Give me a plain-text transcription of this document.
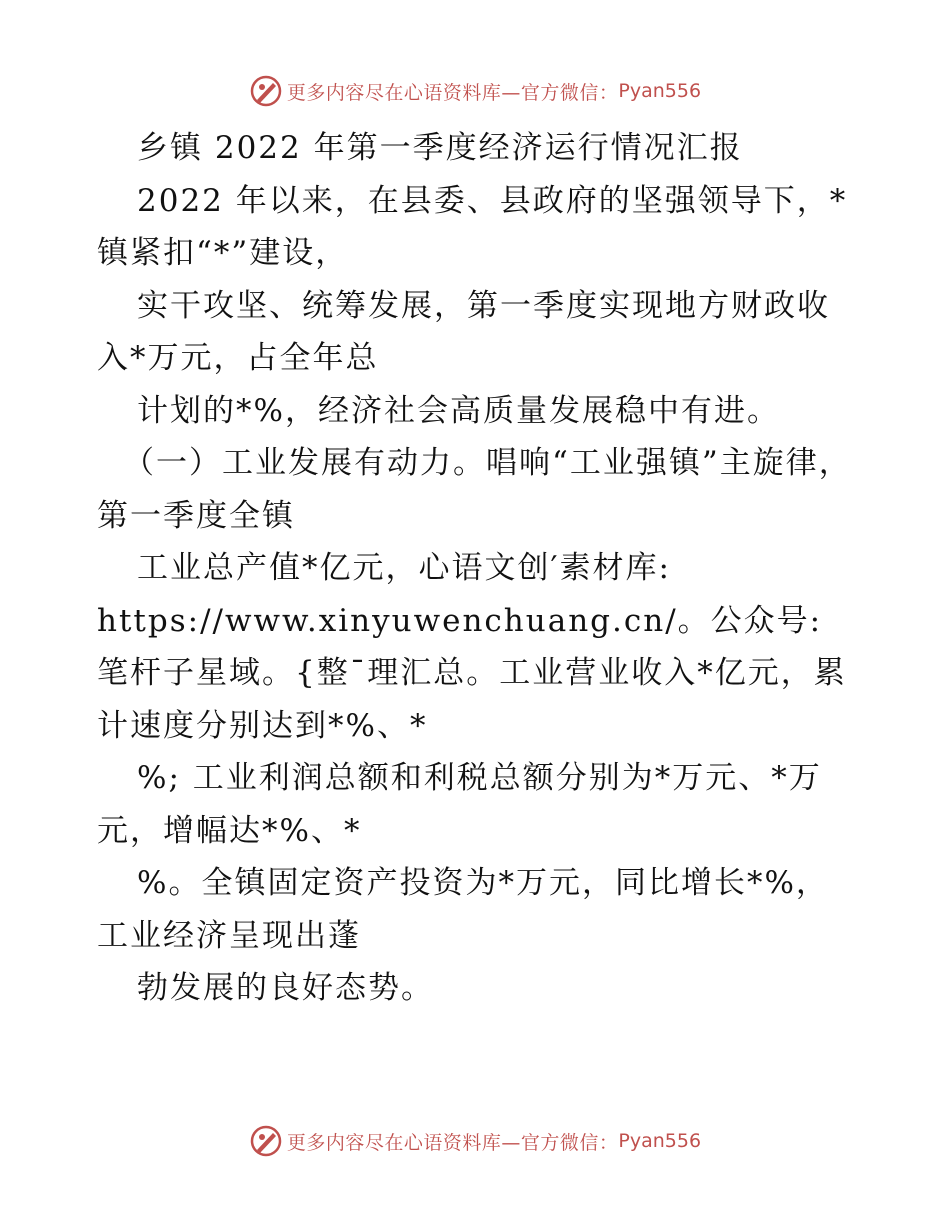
更多内容尽在心语资料库—官方微信： Pyan556

乡镇 2022 年第一季度经济运行情况汇报

2022 年以来，在县委、县政府的坚强领导下，*镇紧扣“*”建设，

实干攻坚、统筹发展，第一季度实现地方财政收入*万元，占全年总

计划的*%，经济社会高质量发展稳中有进。

（一）工业发展有动力。唱响“工业强镇”主旋律，第一季度全镇

工业总产值*亿元，心语文创′素材库:

https://www.xinyuwenchuang.cn/。公众号: 笔杆子星域。{整¯理汇总。工业营业收入*亿元，累计速度分别达到*%、*

%; 工业利润总额和利税总额分别为*万元、*万元，增幅达*%、*

%。全镇固定资产投资为*万元，同比增长*%，工业经济呈现出蓬

勃发展的良好态势。

更多内容尽在心语资料库—官方微信： Pyan556
